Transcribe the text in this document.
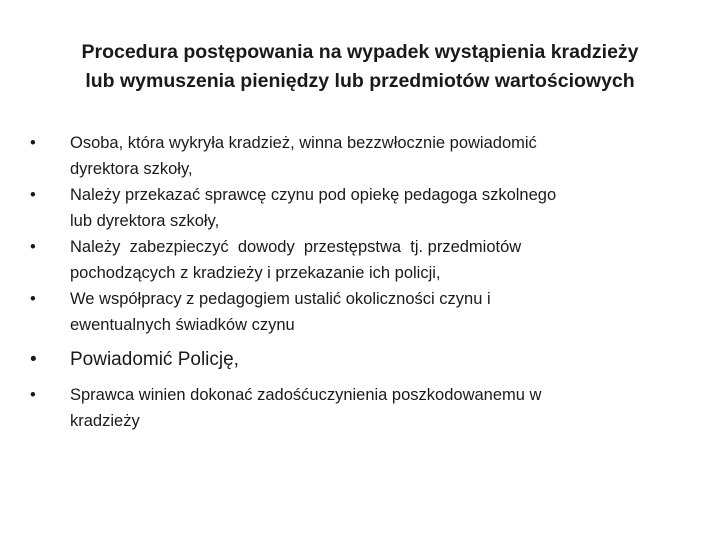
Procedura postępowania na wypadek wystąpienia kradzieży
lub wymuszenia pieniędzy lub przedmiotów wartościowych
•	Osoba, która wykryła kradzież, winna bezzwłocznie powiadomić
dyrektora szkoły,
•	Należy przekazać sprawcę czynu pod opiekę pedagoga szkolnego
lub dyrektora szkoły,
•	Należy  zabezpieczyć  dowody  przestępstwa  tj. przedmiotów
pochodzących z kradzieży i przekazanie ich policji,
•	We współpracy z pedagogiem ustalić okoliczności czynu i
ewentualnych świadków czynu
•	Powiadomić Policję,
•	Sprawca winien dokonać zadośćuczynienia poszkodowanemu w
kradzieży
